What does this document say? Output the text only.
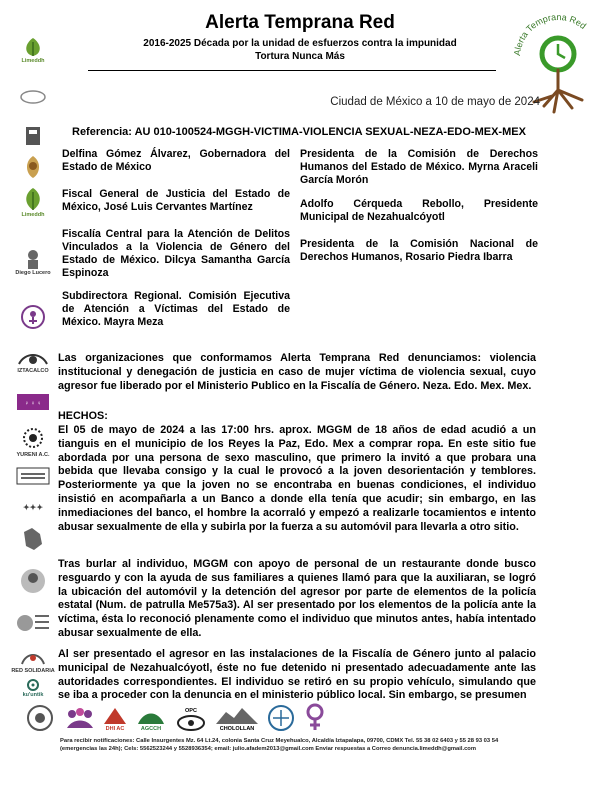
Alerta Temprana Red
2016-2025 Década por la unidad de esfuerzos contra la impunidad
Tortura Nunca Más	Alerta Temprana Red
Ciudad de México a 10 de mayo de 2024
Referencia: AU 010-100524-MGGH-VICTIMA-VIOLENCIA SEXUAL-NEZA-EDO-MEX-MEX
Delfina Gómez Álvarez, Gobernadora del Estado de México
Fiscal General de Justicia del Estado de México, José Luis Cervantes Martínez
Fiscalía Central para la Atención de Delitos Vinculados a la Violencia de Género del Estado de México. Dilcya Samantha García Espinoza
Subdirectora Regional. Comisión Ejecutiva de Atención a Víctimas del Estado de México. Mayra Meza
Presidenta de la Comisión de Derechos Humanos del Estado de México. Myrna Araceli García Morón
Adolfo Cérqueda Rebollo, Presidente Municipal de Nezahualcóyotl
Presidenta de la Comisión Nacional de Derechos Humanos, Rosario Piedra Ibarra
Las organizaciones que conformamos Alerta Temprana Red denunciamos: violencia institucional y denegación de justicia en caso de mujer víctima de violencia sexual, cuyo agresor fue liberado por el Ministerio Publico en la Fiscalía de Género. Neza. Edo. Mex. Mex.
HECHOS:
El 05 de mayo de 2024 a las 17:00 hrs. aprox. MGGM de 18 años de edad acudió a un tianguis en el municipio de los Reyes la Paz, Edo. Mex a comprar ropa. En este sitio fue abordada por una persona de sexo masculino, que primero la invitó a que probara una bebida que llevaba consigo y la cual le provocó a la joven desorientación y temblores. Posteriormente ya que la joven no se encontraba en buenas condiciones, el individuo insistió en acompañarla a un Banco a donde ella tenía que acudir; sin embargo, en las inmediaciones del banco, el hombre la acorraló y empezó a realizarle tocamientos e intento abusar sexualmente de ella y subirla por la fuerza a su automóvil para llevarla a otro sitio.
Tras burlar al individuo, MGGM con apoyo de personal de un restaurante donde busco resguardo y con la ayuda de sus familiares a quienes llamó para que la auxiliaran, se logró la ubicación del automóvil y la detención del agresor por parte de elementos de la policía estatal (Num. de patrulla Me575a3). Al ser presentado por los elementos de la policía ante la víctima, ésta lo reconoció plenamente como el individuo que minutos antes, había intentado abusar sexualmente de ella.
Al ser presentado el agresor en las instalaciones de la Fiscalía de Género junto al palacio municipal de Nezahualcóyotl, éste no fue detenido ni presentado adecuadamente ante las autoridades correspondientes. El individuo se retiró en su propio vehículo, simulando que se iba a proceder con la denuncia en el ministerio público local. Sin embargo, se presumen
Limeddh
Limeddh
Diego Lucero
IZTACALCO
♀ ♀ ♀
YURENI A.C.
✦✦✦
RED SOLIDARIA
ku'untik
DHI AC	AGCCH
OPC
CHOLOLLAN
Para recibir notificaciones: Calle Insurgentes Mz. 64 Lt.24, colonia Santa Cruz Meyehualco, Alcaldía Iztapalapa, 09700, CDMX Tel. 55 38 02 6403 y 55 28 93 03 54 (emergencias las 24h); Cels: 5562523244 y 5528936354; email: julio.afadem2013@gmail.com Enviar respuestas a Correo denuncia.limeddh@gmail.com
